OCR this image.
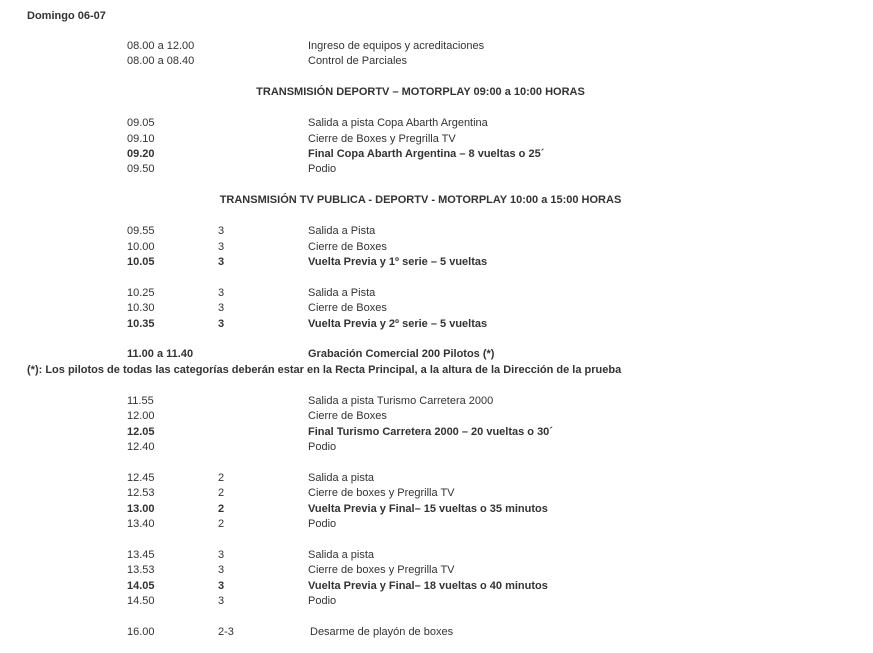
Domingo 06-07
TRANSMISIÓN DEPORTV – MOTORPLAY 09:00 a 10:00 HORAS
TRANSMISIÓN TV PUBLICA - DEPORTV - MOTORPLAY 10:00 a 15:00 HORAS
(*): Los pilotos de todas las categorías deberán estar en la Recta Principal, a la altura de la Dirección de la prueba
08.00 a 12.00	Ingreso de equipos y acreditaciones
08.00 a 08.40	Control de Parciales
09.05	Salida a pista Copa Abarth Argentina
09.10	Cierre de Boxes y Pregrilla TV
09.20	Final Copa Abarth Argentina – 8 vueltas o 25´
09.50	Podio
09.55	3	Salida a Pista
10.00	3	Cierre de Boxes
10.05	3	Vuelta Previa y 1º serie – 5 vueltas
10.25	3	Salida a Pista
10.30	3	Cierre de Boxes
10.35	3	Vuelta Previa y 2º serie – 5 vueltas
11.00 a 11.40	Grabación Comercial 200 Pilotos (*)
11.55	Salida a pista Turismo Carretera 2000
12.00	Cierre de Boxes
12.05	Final Turismo Carretera 2000 – 20 vueltas o 30´
12.40	Podio
12.45	2	Salida a pista
12.53	2	Cierre de boxes y Pregrilla TV
13.00	2	Vuelta Previa y Final– 15 vueltas o 35 minutos
13.40	2	Podio
13.45	3	Salida a pista
13.53	3	Cierre de boxes y Pregrilla TV
14.05	3	Vuelta Previa y Final– 18 vueltas o 40 minutos
14.50	3	Podio
16.00	2-3	Desarme de playón de boxes
